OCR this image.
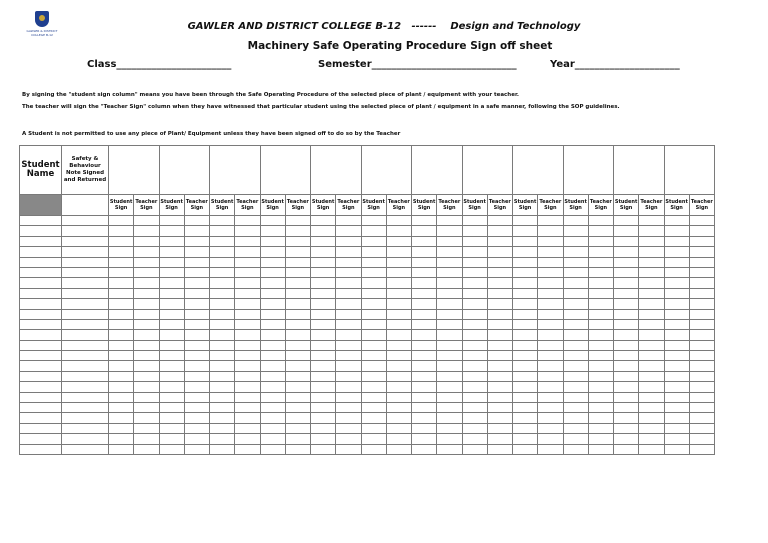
GAWLER & DISTRICT COLLEGE B-12
GAWLER AND DISTRICT COLLEGE B-12 ------ Design and Technology
Machinery Safe Operating Procedure Sign off sheet
Class_______________________	Semester_____________________________	Year_____________________
By signing the "student sign column" means you have been through the Safe Operating Procedure of the selected piece of plant / equipment with your teacher.
The teacher will sign the "Teacher Sign" column when they have witnessed that particular student using the selected piece of plant / equipment in a safe manner, following the SOP guidelines.
A Student is not permitted to use any piece of Plant/ Equipment unless they have been signed off to do so by the Teacher
Student Name	Safety & Behaviour Note Signed and Returned																								
		Student Sign	Teacher Sign	Student Sign	Teacher Sign	Student Sign	Teacher Sign	Student Sign	Teacher Sign	Student Sign	Teacher Sign	Student Sign	Teacher Sign	Student Sign	Teacher Sign	Student Sign	Teacher Sign	Student Sign	Teacher Sign	Student Sign	Teacher Sign	Student Sign	Teacher Sign	Student Sign	Teacher Sign
